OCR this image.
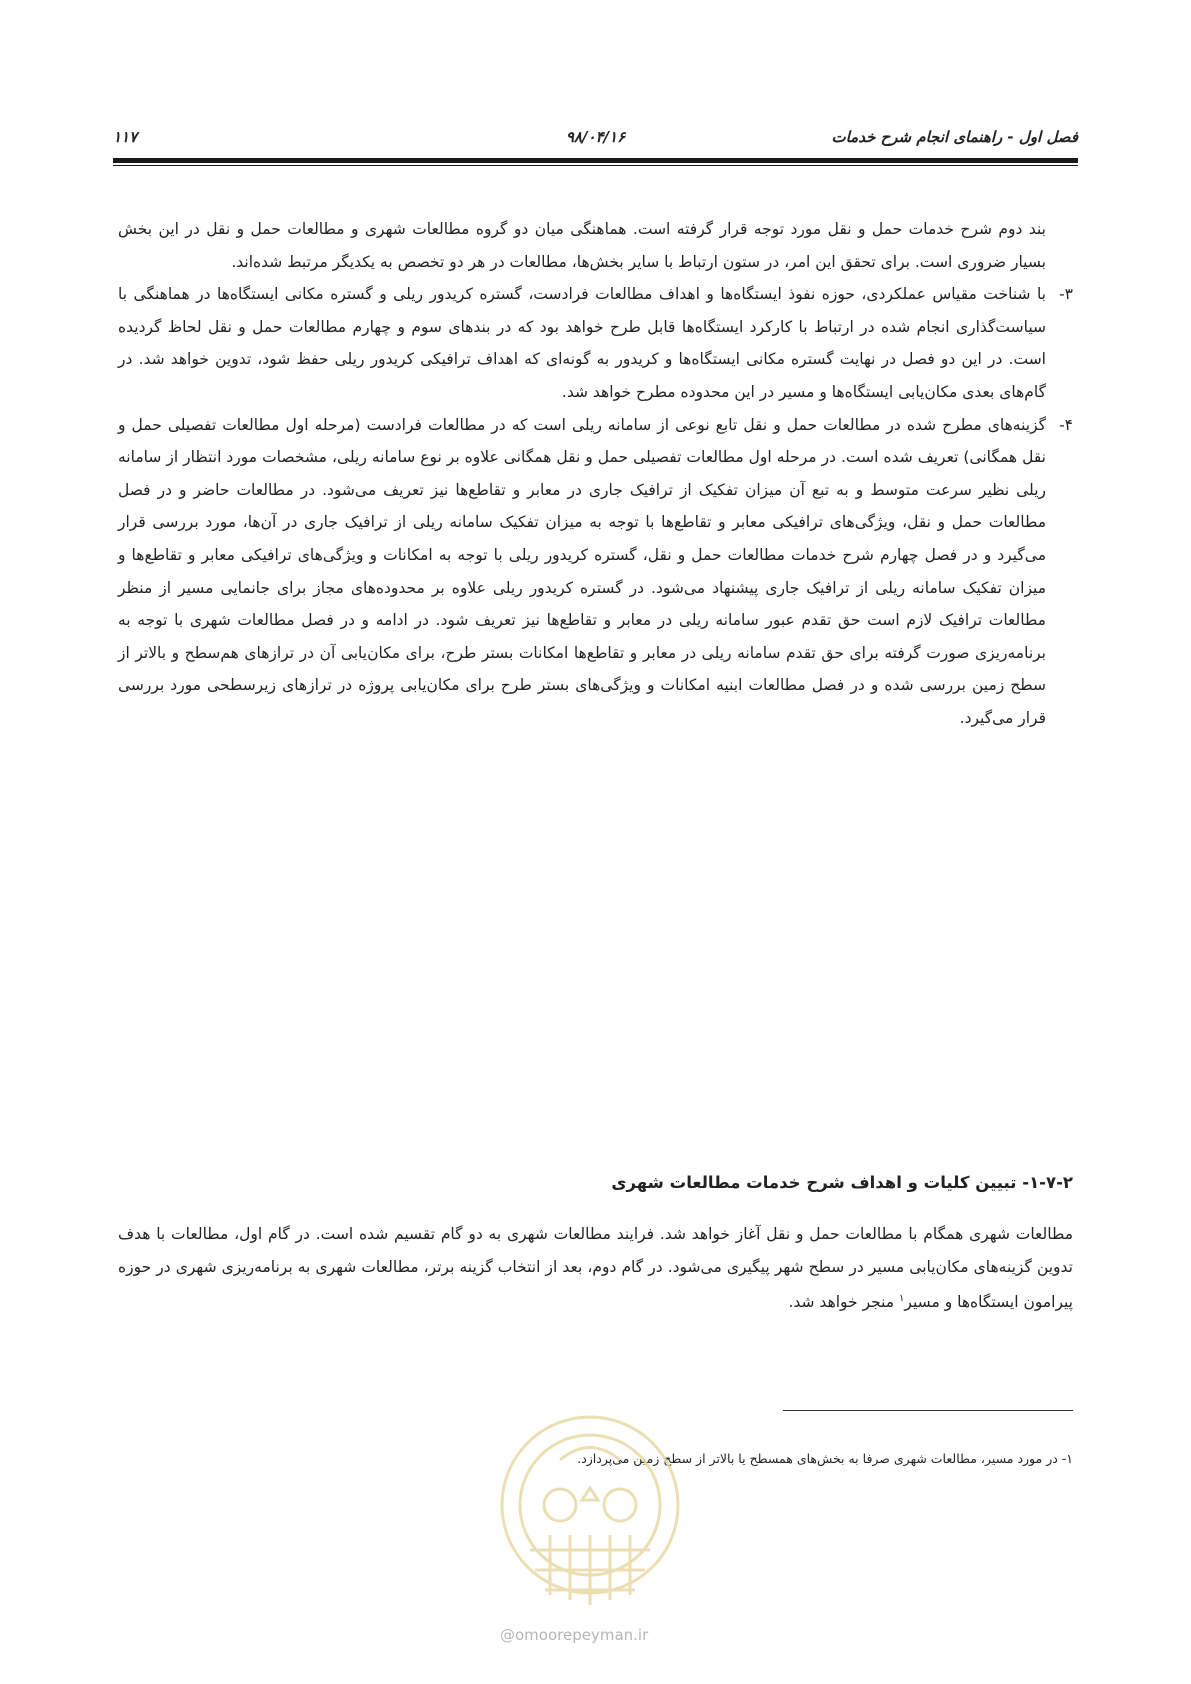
فصل اول - راهنمای انجام شرح خدمات
۹۸/۰۴/۱۶
۱۱۷

بند دوم شرح خدمات حمل و نقل مورد توجه قرار گرفته است. هماهنگی میان دو گروه مطالعات شهری و مطالعات حمل و نقل در این بخش بسیار ضروری است. برای تحقق این امر، در ستون ارتباط با سایر بخش‌ها، مطالعات در هر دو تخصص به یکدیگر مرتبط شده‌اند.

۳-

با شناخت مقیاس عملکردی، حوزه نفوذ ایستگاه‌ها و اهداف مطالعات فرادست، گستره کریدور ریلی و گستره مکانی ایستگاه‌ها در هماهنگی با سیاست‌گذاری انجام شده در ارتباط با کارکرد ایستگاه‌ها قابل طرح خواهد بود که در بندهای سوم و چهارم مطالعات حمل و نقل لحاظ گردیده است. در این دو فصل در نهایت گستره مکانی ایستگاه‌ها و کریدور به گونه‌ای که اهداف ترافیکی کریدور ریلی حفظ شود، تدوین خواهد شد. در گام‌های بعدی مکان‌یابی ایستگاه‌ها و مسیر در این محدوده مطرح خواهد شد.

۴-

گزینه‌های مطرح شده در مطالعات حمل و نقل تابع نوعی از سامانه ریلی است که در مطالعات فرادست (مرحله اول مطالعات تفصیلی حمل و نقل همگانی) تعریف شده است. در مرحله اول مطالعات تفصیلی حمل و نقل همگانی علاوه بر نوع سامانه ریلی، مشخصات مورد انتظار از سامانه ریلی نظیر سرعت متوسط و به تبع آن میزان تفکیک از ترافیک جاری در معابر و تقاطع‌ها نیز تعریف می‌شود. در مطالعات حاضر و در فصل مطالعات حمل و نقل، ویژگی‌های ترافیکی معابر و تقاطع‌ها با توجه به میزان تفکیک سامانه ریلی از ترافیک جاری در آن‌ها، مورد بررسی قرار می‌گیرد و در فصل چهارم شرح خدمات مطالعات حمل و نقل، گستره کریدور ریلی با توجه به امکانات و ویژگی‌های ترافیکی معابر و تقاطع‌ها و میزان تفکیک سامانه ریلی از ترافیک جاری پیشنهاد می‌شود. در گستره کریدور ریلی علاوه بر محدوده‌های مجاز برای جانمایی مسیر از منظر مطالعات ترافیک لازم است حق تقدم عبور سامانه ریلی در معابر و تقاطع‌ها نیز تعریف شود. در ادامه و در فصل مطالعات شهری با توجه به برنامه‌ریزی صورت گرفته برای حق تقدم سامانه ریلی در معابر و تقاطع‌ها امکانات بستر طرح، برای مکان‌یابی آن در ترازهای هم‌سطح و بالاتر از سطح زمین بررسی شده و در فصل مطالعات ابنیه امکانات و ویژگی‌های بستر طرح برای مکان‌یابی پروژه در ترازهای زیرسطحی مورد بررسی قرار می‌گیرد.

۱-۷-۲- تبیین کلیات و اهداف شرح خدمات مطالعات شهری
مطالعات شهری همگام با مطالعات حمل و نقل آغاز خواهد شد. فرایند مطالعات شهری به دو گام تقسیم شده است. در گام اول، مطالعات با هدف تدوین گزینه‌های مکان‌یابی مسیر در سطح شهر پیگیری می‌شود. در گام دوم، بعد از انتخاب گزینه برتر، مطالعات شهری به برنامه‌ریزی شهری در حوزه پیرامون ایستگاه‌ها و مسیر$^۱$ منجر خواهد شد.
۱- در مورد مسیر، مطالعات شهری صرفا به بخش‌های همسطح یا بالاتر از سطح زمین می‌پردازد.
@omoorepeyman.ir
